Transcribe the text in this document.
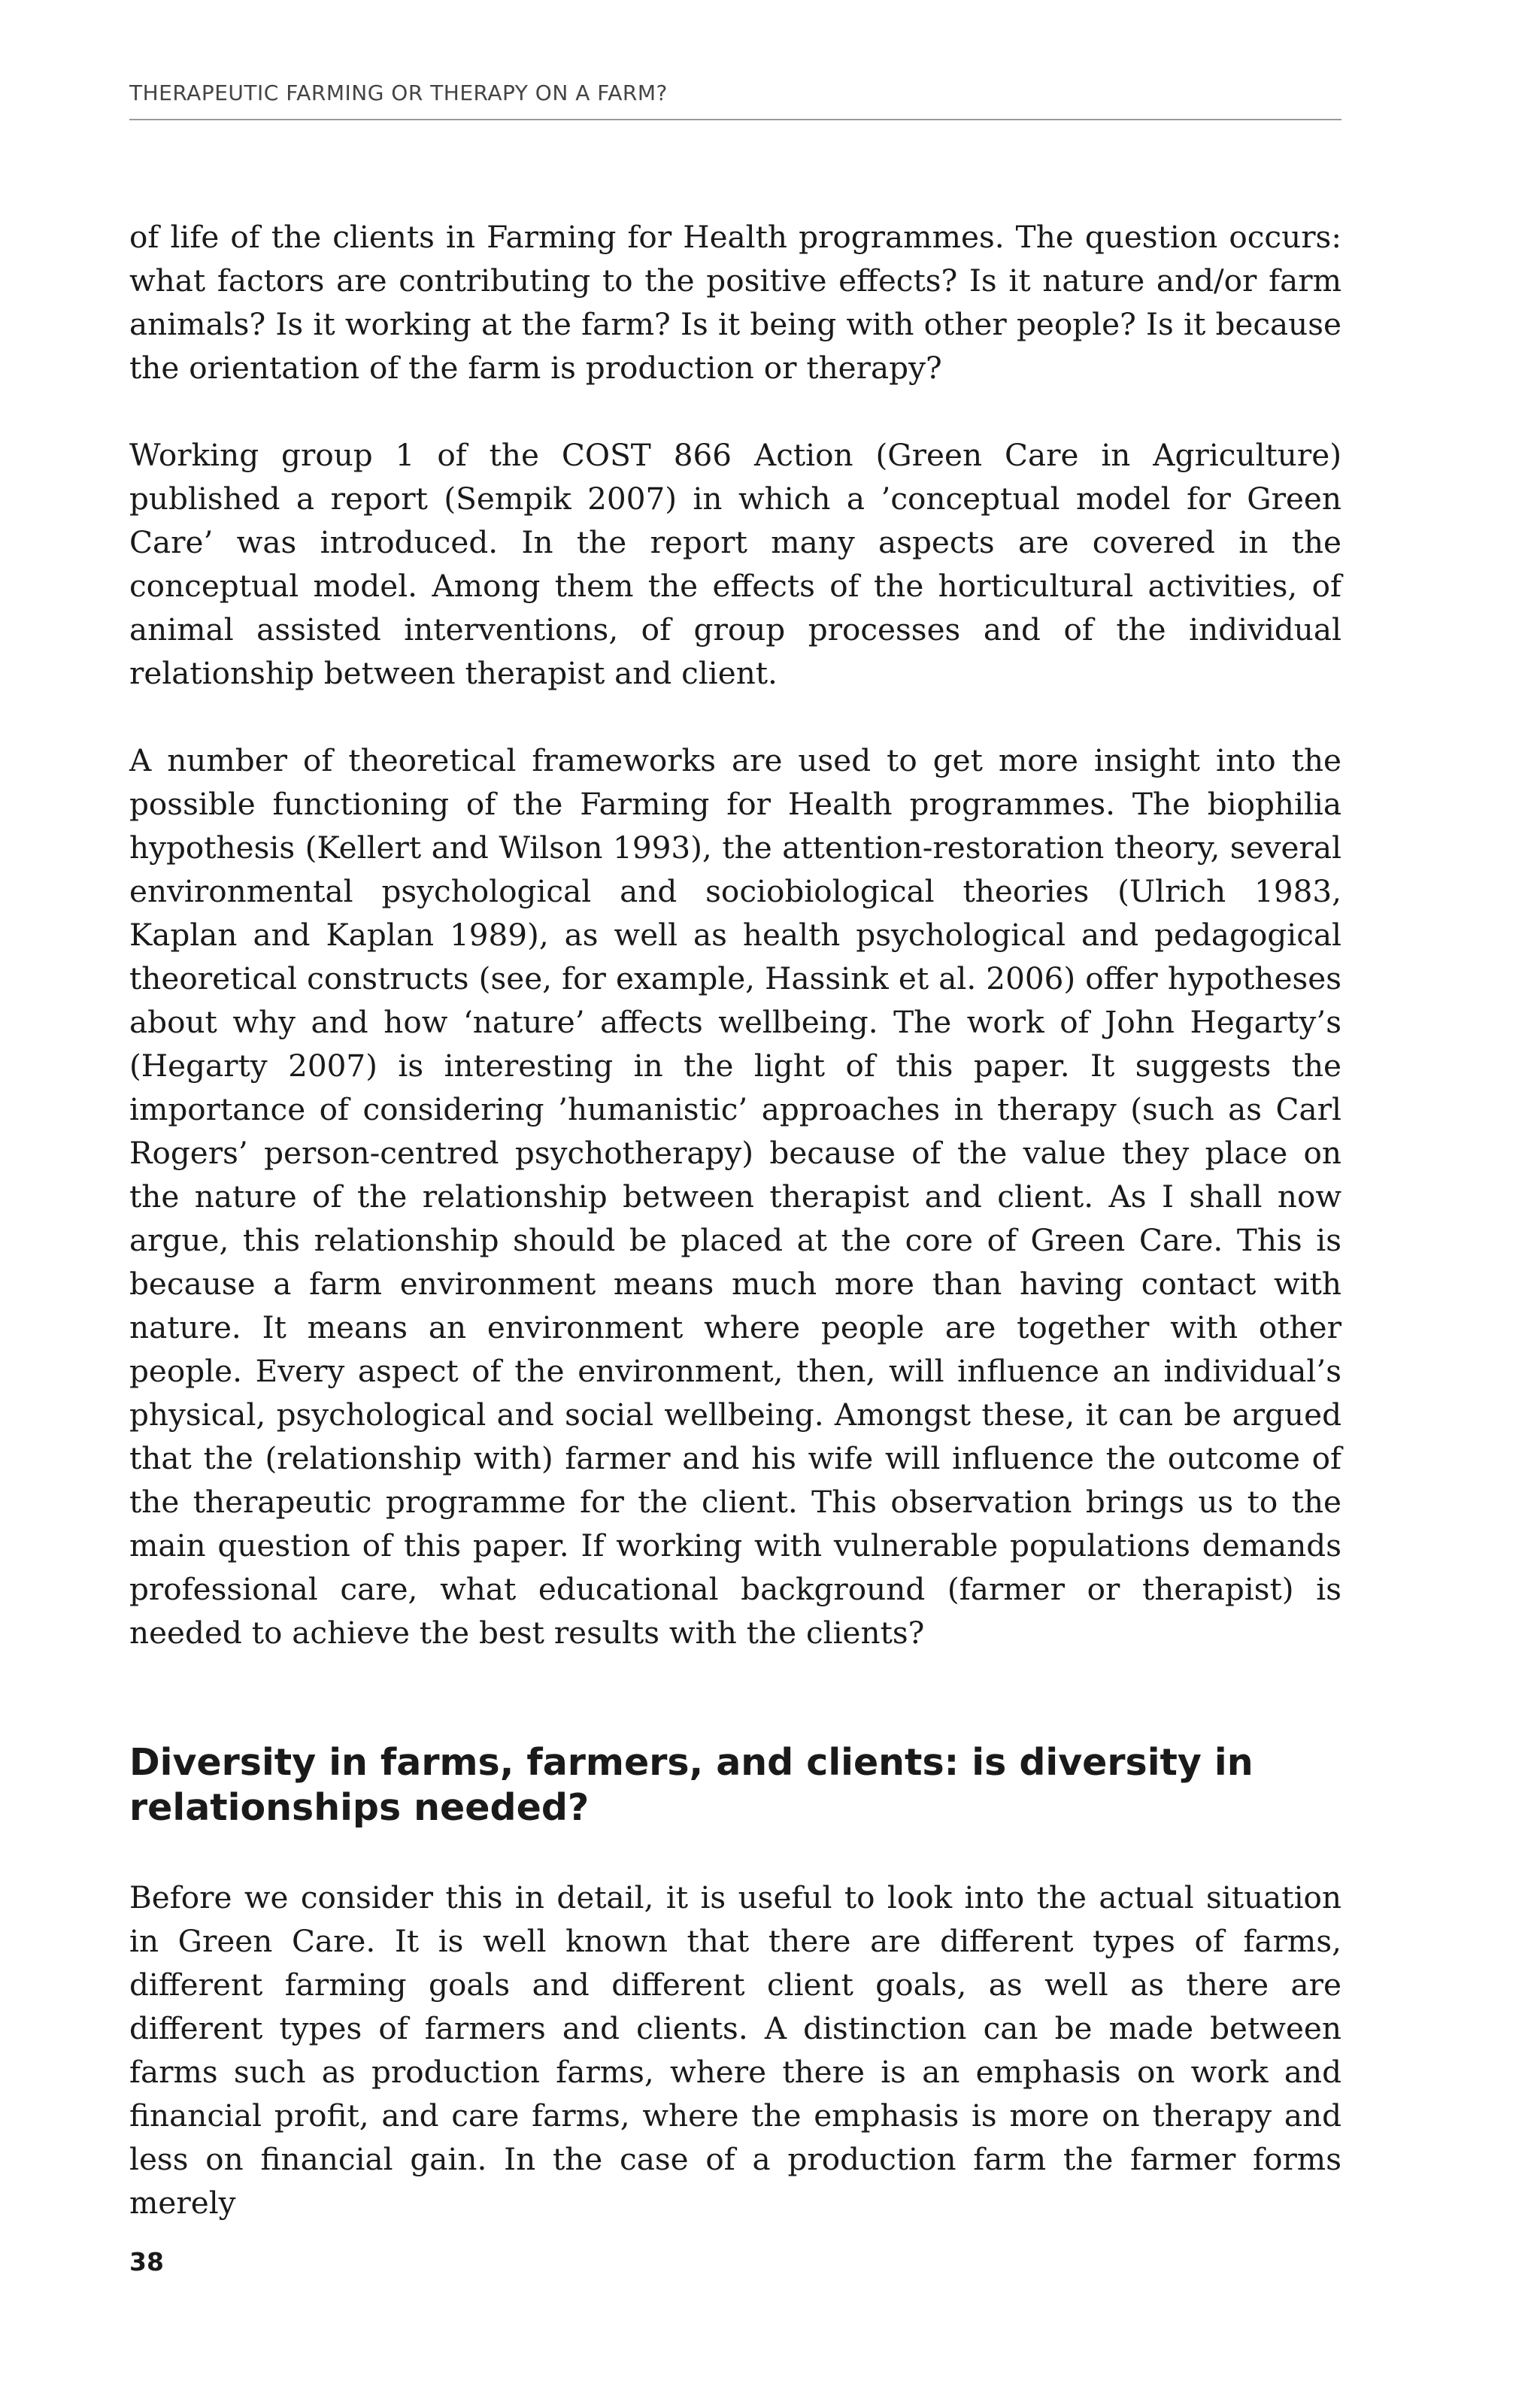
THERAPEUTIC FARMING OR THERAPY ON A FARM?

of life of the clients in Farming for Health programmes. The question occurs: what factors are contributing to the positive effects? Is it nature and/or farm animals? Is it working at the farm? Is it being with other people? Is it because the orientation of the farm is production or therapy?

Working group 1 of the COST 866 Action (Green Care in Agriculture) published a report (Sempik 2007) in which a ’conceptual model for Green Care’ was introduced. In the report many aspects are covered in the conceptual model. Among them the effects of the horticultural activities, of animal assisted interventions, of group processes and of the individual relationship between therapist and client.

A number of theoretical frameworks are used to get more insight into the possible functioning of the Farming for Health programmes. The biophilia hypothesis (Kellert and Wilson 1993), the attention-restoration theory, several environmental psychological and sociobiological theories (Ulrich 1983, Kaplan and Kaplan 1989), as well as health psychological and pedagogical theoretical constructs (see, for example, Hassink et al. 2006) offer hypotheses about why and how ‘nature’ affects wellbeing. The work of John Hegarty’s (Hegarty 2007) is interesting in the light of this paper. It suggests the importance of considering ’humanistic’ approaches in therapy (such as Carl Rogers’ person-centred psychotherapy) because of the value they place on the nature of the relationship between therapist and client. As I shall now argue, this relationship should be placed at the core of Green Care. This is because a farm environment means much more than having contact with nature. It means an environment where people are together with other people. Every aspect of the environment, then, will influence an individual’s physical, psychological and social wellbeing. Amongst these, it can be argued that the (relationship with) farmer and his wife will influence the outcome of the therapeutic programme for the client. This observation brings us to the main question of this paper. If working with vulnerable populations demands professional care, what educational background (farmer or therapist) is needed to achieve the best results with the clients?

Diversity in farms, farmers, and clients: is diversity in relationships needed?

Before we consider this in detail, it is useful to look into the actual situation in Green Care. It is well known that there are different types of farms, different farming goals and different client goals, as well as there are different types of farmers and clients. A distinction can be made between farms such as production farms, where there is an emphasis on work and financial profit, and care farms, where the emphasis is more on therapy and less on financial gain. In the case of a production farm the farmer forms merely

38
